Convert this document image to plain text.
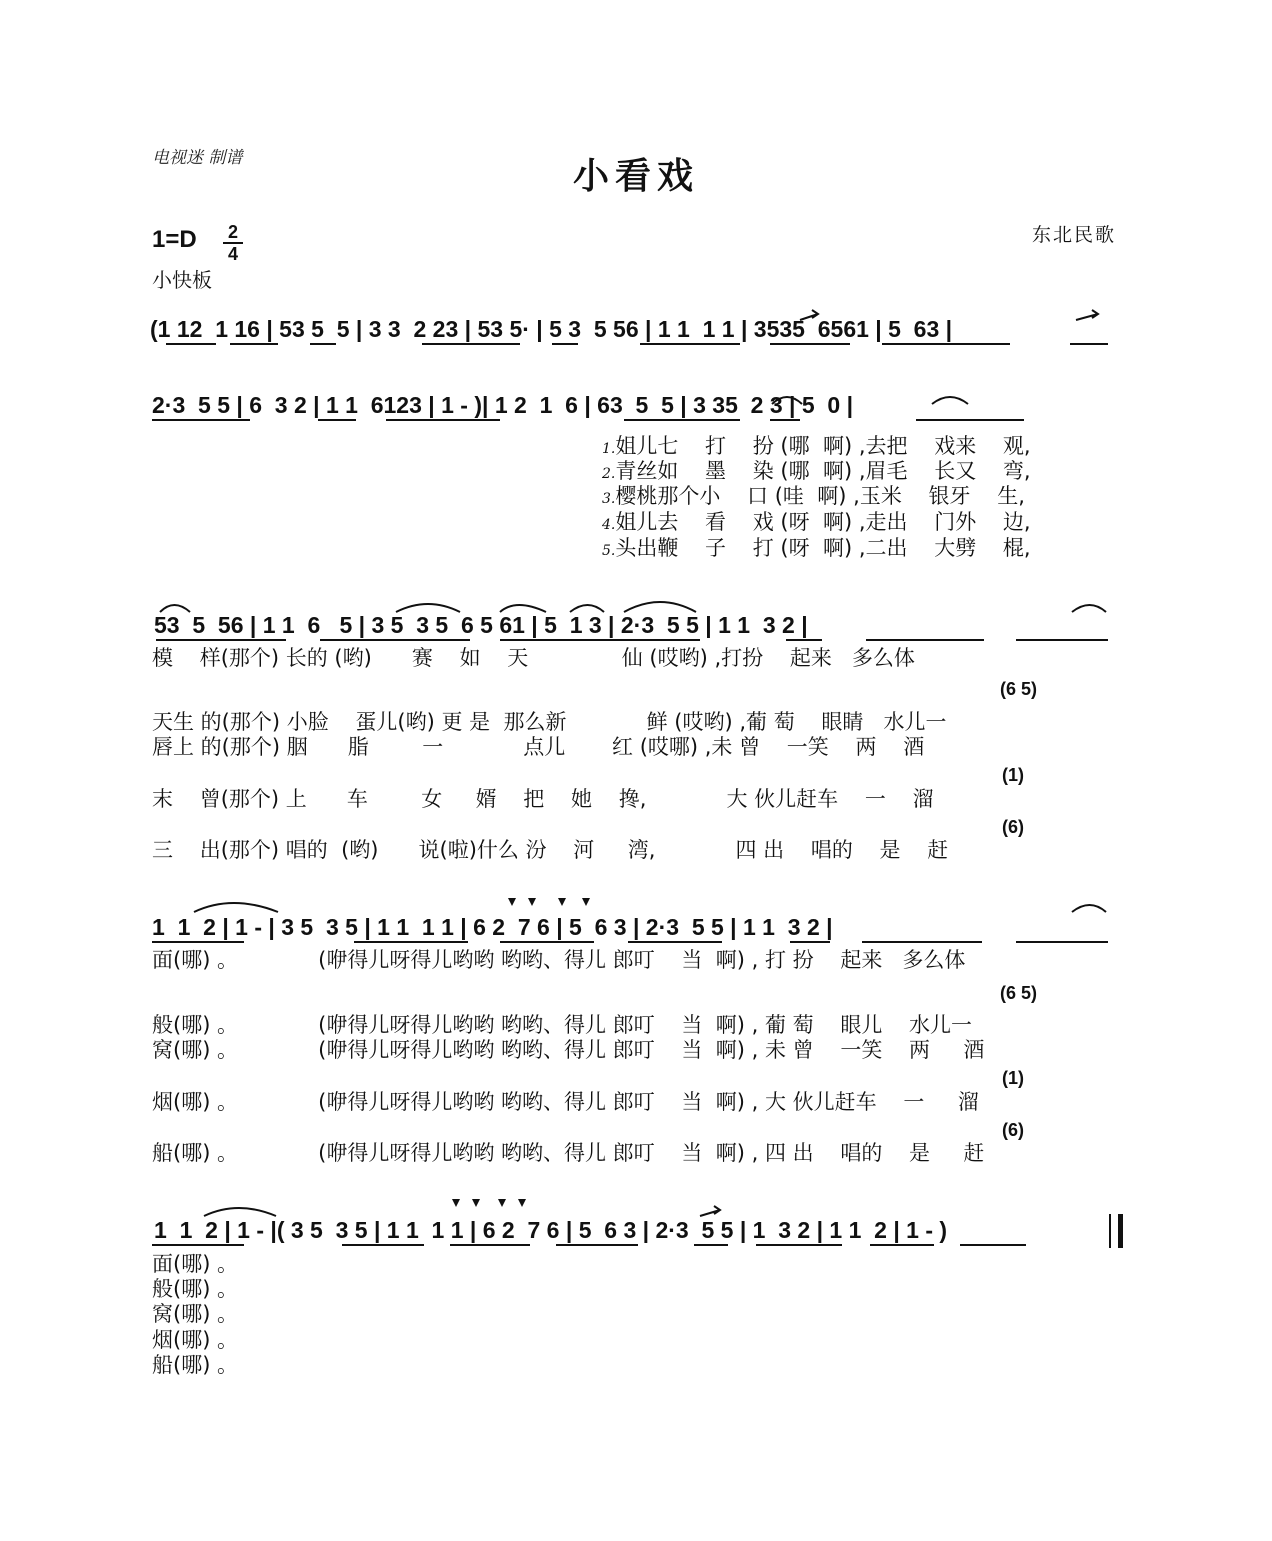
电视迷 制谱	小看戏
1=D 2
4
小快板
东北民歌
(1 12  1 16 | 53 5  5 | 3 3  2 23 | 53 5· | 5 3  5 56 | 1 1  1 1 | 3535  6561 | 5  63 |
2·3  5 5 | 6  3 2 | 1 1  6123 | 1 - )| 1 2  1  6 | 63  5  5 | 3 35  2 3 | 5  0 |
1.姐儿七    打    扮 (哪  啊) ,去把    戏来    观,
2.青丝如    墨    染 (哪  啊) ,眉毛    长又    弯,
3.樱桃那个小    口 (哇  啊) ,玉米    银牙    生,
4.姐儿去    看    戏 (呀  啊) ,走出    门外    边,
5.头出鞭    子    打 (呀  啊) ,二出    大劈    棍,
53  5  56 | 1 1  6   5 | 3 5  3 5  6 5 61 | 5  1 3 | 2·3  5 5 | 1 1  3 2 |
模    样(那个) 长的 (哟)      赛    如    天              仙 (哎哟) ,打扮    起来   多么体
(6 5)
天生 的(那个) 小脸    蛋儿(哟) 更 是  那么新            鲜 (哎哟) ,葡 萄    眼睛   水儿一
唇上 的(那个) 胭      脂        一            点儿       红 (哎哪) ,未 曾    一笑    两    酒
(1)
末    曾(那个) 上      车        女     婿    把    她    搀,            大 伙儿赶车    一    溜
(6)
三    出(那个) 唱的  (哟)      说(啦)什么 汾    河     湾,            四 出    唱的    是    赶
1  1  2 | 1 - | 3 5  3 5 | 1 1  1 1 | 6 2  7 6 | 5  6 3 | 2·3  5 5 | 1 1  3 2 |
面(哪) 。            (咿得儿呀得儿哟哟 哟哟、得儿 郎叮    当  啊) , 打 扮    起来   多么体
(6 5)
般(哪) 。            (咿得儿呀得儿哟哟 哟哟、得儿 郎叮    当  啊) , 葡 萄    眼儿    水儿一
窝(哪) 。            (咿得儿呀得儿哟哟 哟哟、得儿 郎叮    当  啊) , 未 曾    一笑    两     酒
(1)
烟(哪) 。            (咿得儿呀得儿哟哟 哟哟、得儿 郎叮    当  啊) , 大 伙儿赶车    一     溜
(6)
船(哪) 。            (咿得儿呀得儿哟哟 哟哟、得儿 郎叮    当  啊) , 四 出    唱的    是     赶
1  1  2 | 1 - |( 3 5  3 5 | 1 1  1 1 | 6 2  7 6 | 5  6 3 | 2·3  5 5 | 1  3 2 | 1 1  2 | 1 - )
面(哪) 。
般(哪) 。
窝(哪) 。
烟(哪) 。
船(哪) 。
